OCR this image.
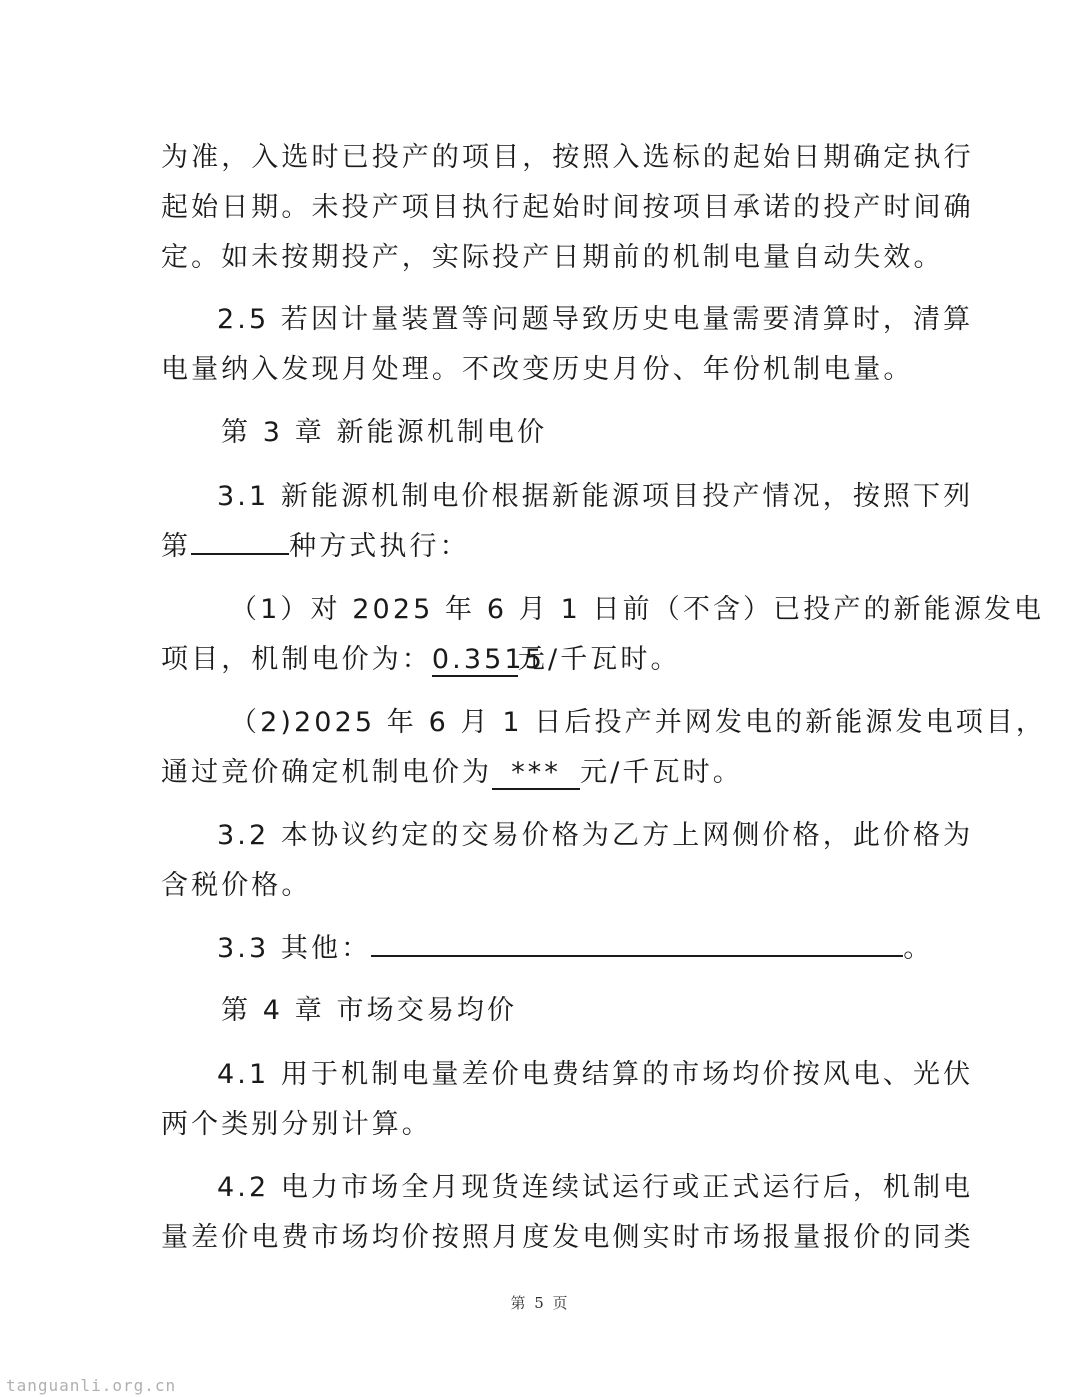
为准，入选时已投产的项目，按照入选标的起始日期确定执行
起始日期。未投产项目执行起始时间按项目承诺的投产时间确
定。如未按期投产，实际投产日期前的机制电量自动失效。
2.5 若因计量装置等问题导致历史电量需要清算时，清算
电量纳入发现月处理。不改变历史月份、年份机制电量。
第 3 章 新能源机制电价
3.1 新能源机制电价根据新能源项目投产情况，按照下列
第	种方式执行：
（1）对 2025 年 6 月 1 日前（不含）已投产的新能源发电
项目，机制电价为：0.3515元/千瓦时。
（2)2025 年 6 月 1 日后投产并网发电的新能源发电项目，
通过竞价确定机制电价为 *** 元/千瓦时。
3.2 本协议约定的交易价格为乙方上网侧价格，此价格为
含税价格。
3.3 其他：	。
第 4 章 市场交易均价
4.1 用于机制电量差价电费结算的市场均价按风电、光伏
两个类别分别计算。
4.2 电力市场全月现货连续试运行或正式运行后，机制电
量差价电费市场均价按照月度发电侧实时市场报量报价的同类
第 5 页
tanguanli.org.cn
